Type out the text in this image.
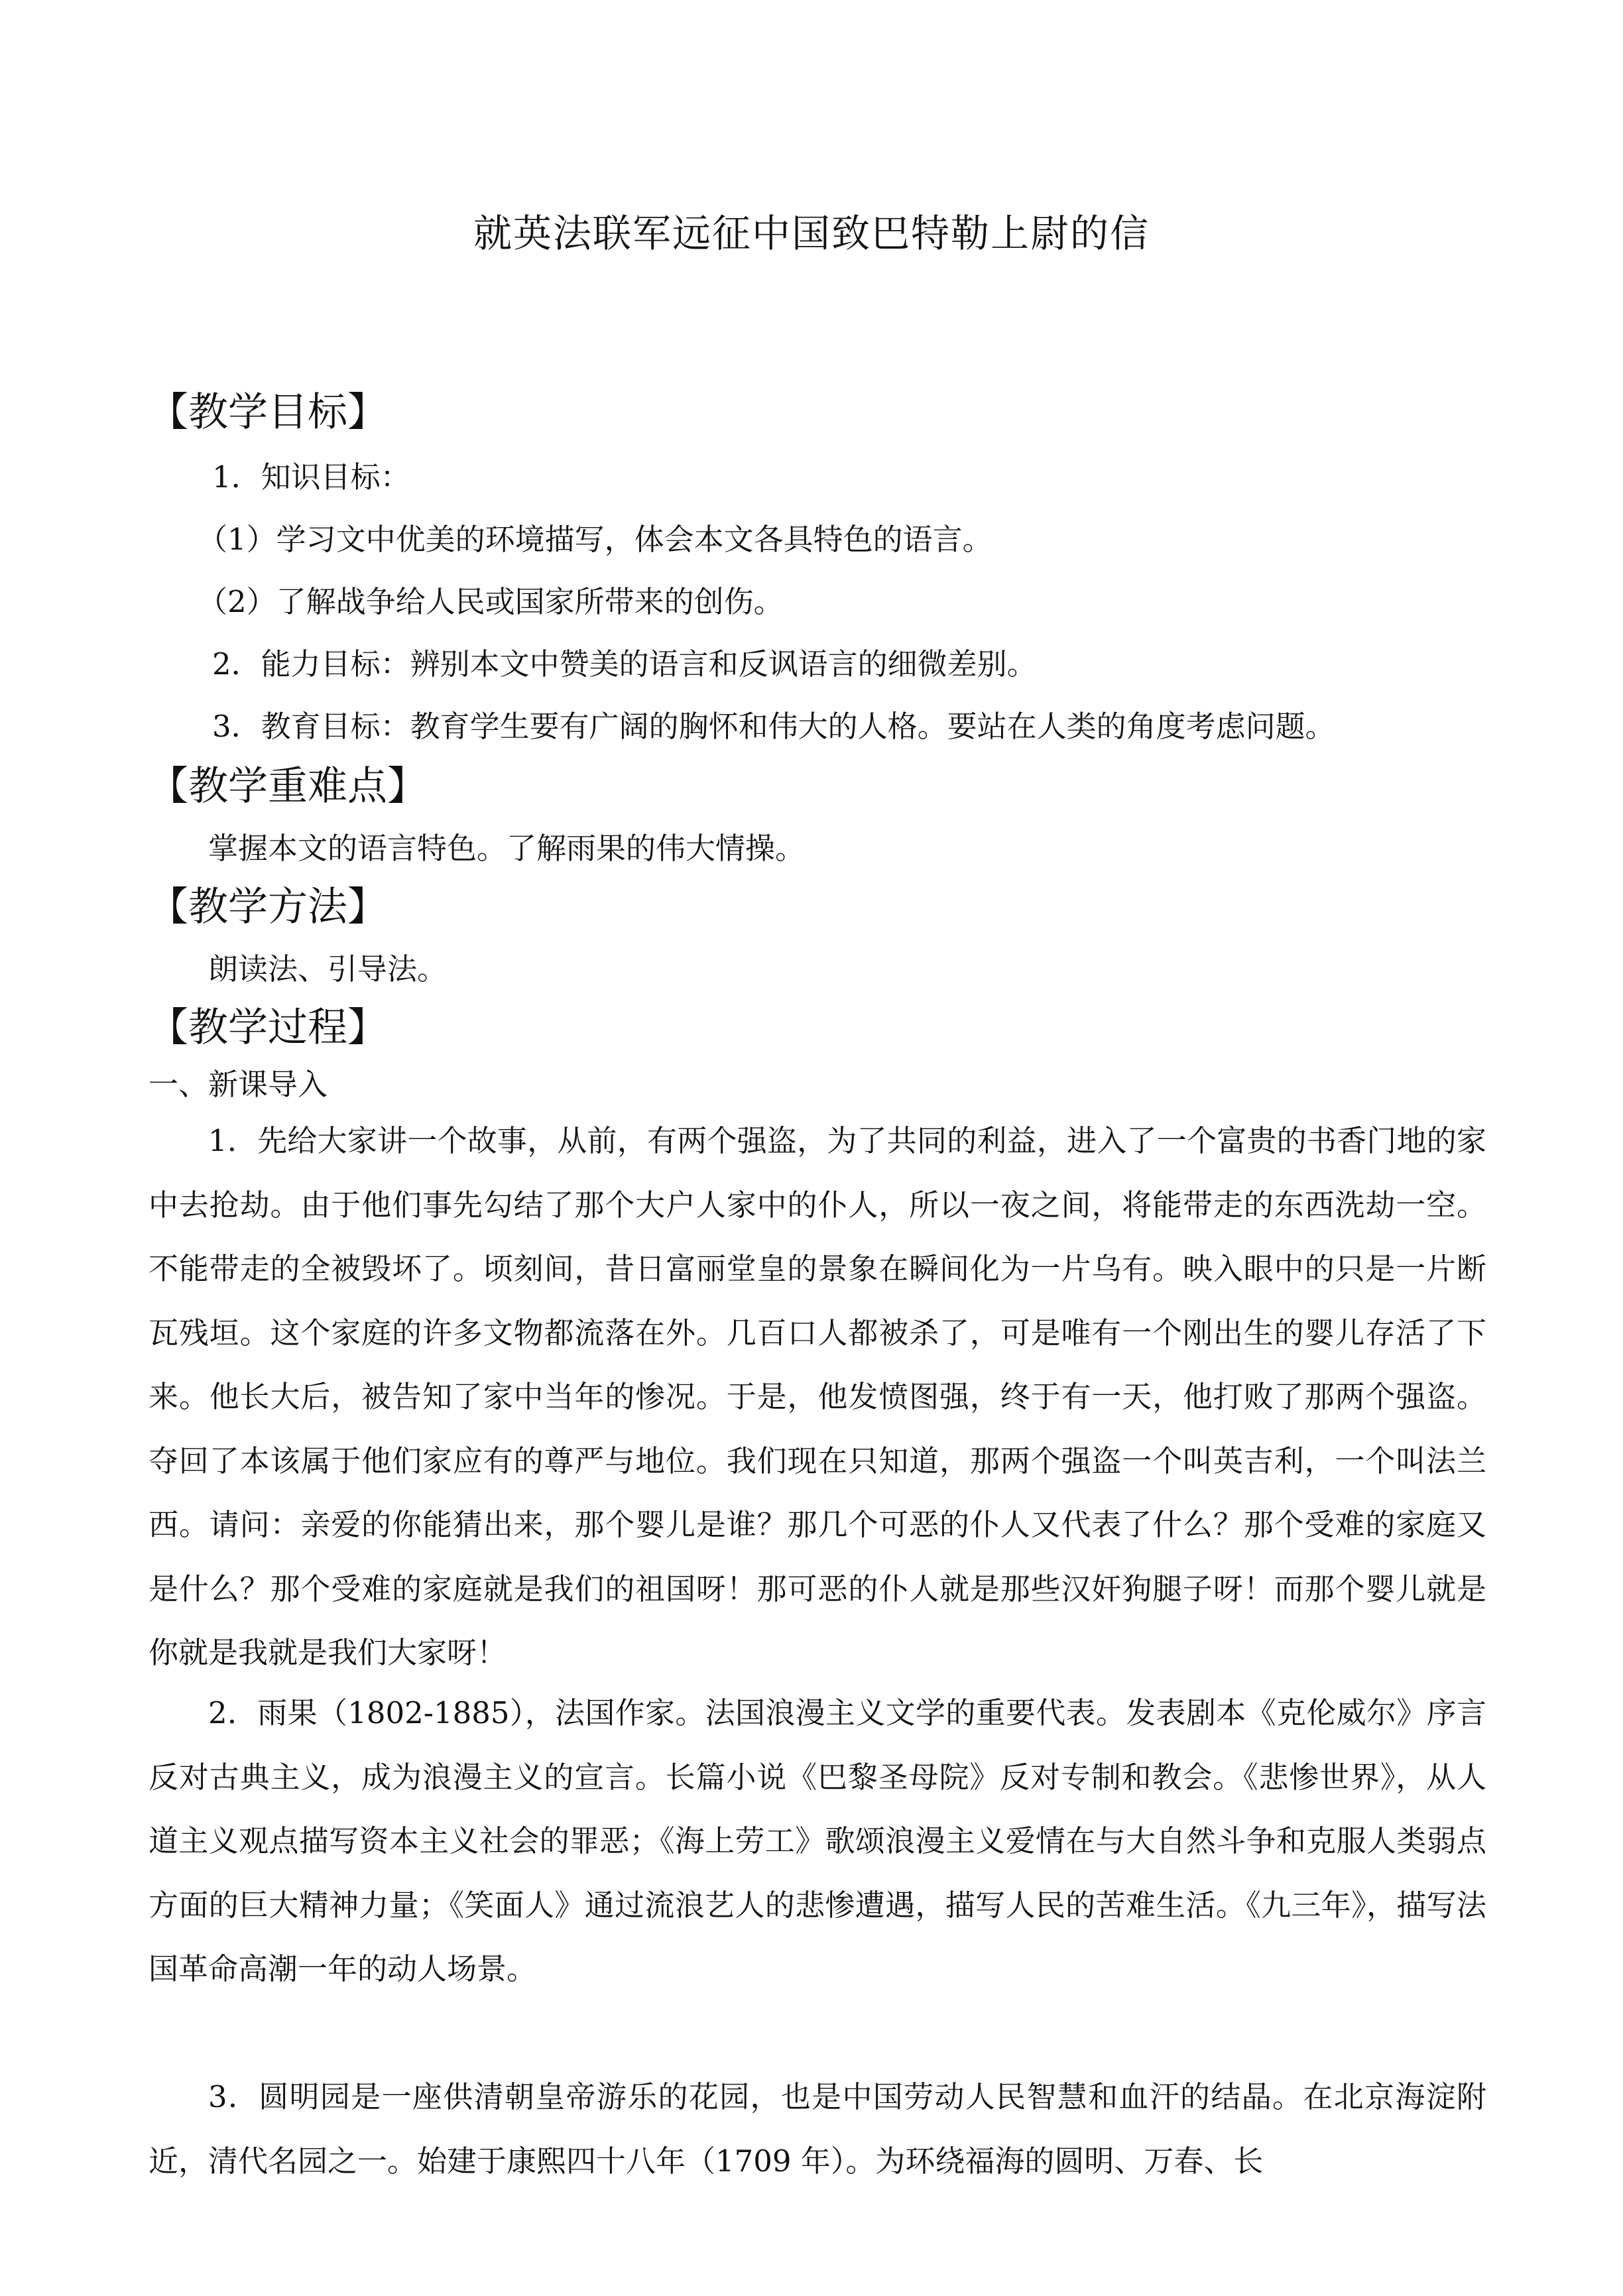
就英法联军远征中国致巴特勒上尉的信
【教学目标】
1．知识目标：
（1）学习文中优美的环境描写，体会本文各具特色的语言。
（2）了解战争给人民或国家所带来的创伤。
2．能力目标：辨别本文中赞美的语言和反讽语言的细微差别。
3．教育目标：教育学生要有广阔的胸怀和伟大的人格。要站在人类的角度考虑问题。
【教学重难点】
掌握本文的语言特色。了解雨果的伟大情操。
【教学方法】
朗读法、引导法。
【教学过程】
一、新课导入

1．先给大家讲一个故事，从前，有两个强盗，为了共同的利益，进入了一个富贵的书香门地的家中去抢劫。由于他们事先勾结了那个大户人家中的仆人，所以一夜之间，将能带走的东西洗劫一空。不能带走的全被毁坏了。顷刻间，昔日富丽堂皇的景象在瞬间化为一片乌有。映入眼中的只是一片断瓦残垣。这个家庭的许多文物都流落在外。几百口人都被杀了，可是唯有一个刚出生的婴儿存活了下来。他长大后，被告知了家中当年的惨况。于是，他发愤图强，终于有一天，他打败了那两个强盗。夺回了本该属于他们家应有的尊严与地位。我们现在只知道，那两个强盗一个叫英吉利，一个叫法兰西。请问：亲爱的你能猜出来，那个婴儿是谁？那几个可恶的仆人又代表了什么？那个受难的家庭又是什么？那个受难的家庭就是我们的祖国呀！那可恶的仆人就是那些汉奸狗腿子呀！而那个婴儿就是你就是我就是我们大家呀！

2．雨果（1802-1885），法国作家。法国浪漫主义文学的重要代表。发表剧本《克伦威尔》序言反对古典主义，成为浪漫主义的宣言。长篇小说《巴黎圣母院》反对专制和教会。《悲惨世界》，从人道主义观点描写资本主义社会的罪恶；《海上劳工》歌颂浪漫主义爱情在与大自然斗争和克服人类弱点方面的巨大精神力量；《笑面人》通过流浪艺人的悲惨遭遇，描写人民的苦难生活。《九三年》，描写法国革命高潮一年的动人场景。

3．圆明园是一座供清朝皇帝游乐的花园，也是中国劳动人民智慧和血汗的结晶。在北京海淀附近，清代名园之一。始建于康熙四十八年（1709 年）。为环绕福海的圆明、万春、长
